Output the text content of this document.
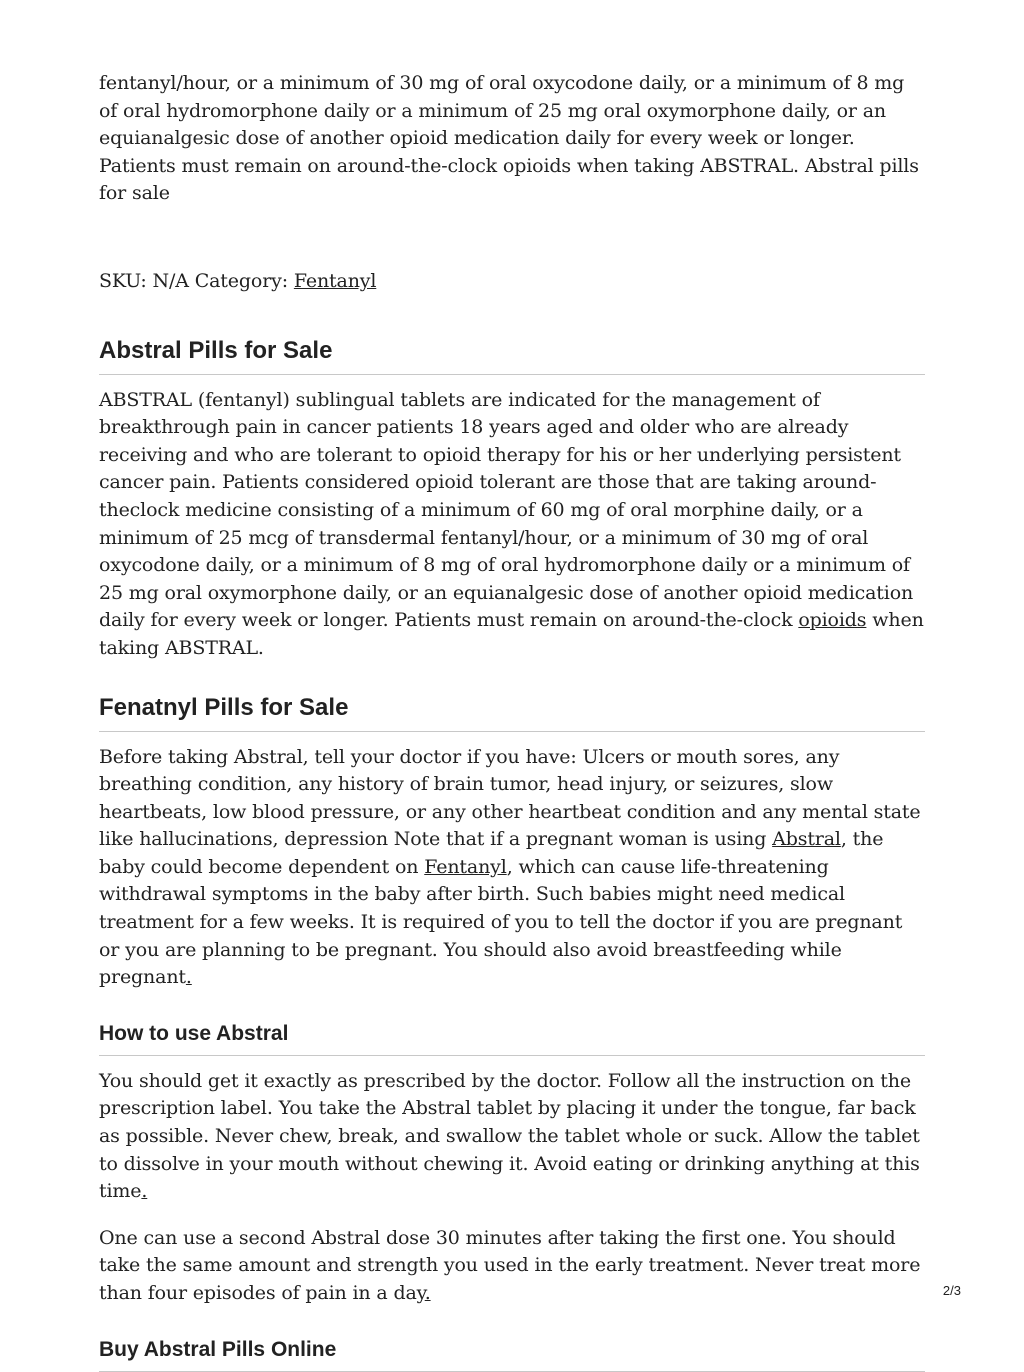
fentanyl/hour, or a minimum of 30 mg of oral oxycodone daily, or a minimum of 8 mg of oral hydromorphone daily or a minimum of 25 mg oral oxymorphone daily, or an equianalgesic dose of another opioid medication daily for every week or longer. Patients must remain on around-the-clock opioids when taking ABSTRAL. Abstral pills for sale

SKU: N/A Category: Fentanyl
Abstral Pills for Sale

ABSTRAL (fentanyl) sublingual tablets are indicated for the management of breakthrough pain in cancer patients 18 years aged and older who are already receiving and who are tolerant to opioid therapy for his or her underlying persistent cancer pain. Patients considered opioid tolerant are those that are taking around-theclock medicine consisting of a minimum of 60 mg of oral morphine daily, or a minimum of 25 mcg of transdermal fentanyl/hour, or a minimum of 30 mg of oral oxycodone daily, or a minimum of 8 mg of oral hydromorphone daily or a minimum of 25 mg oral oxymorphone daily, or an equianalgesic dose of another opioid medication daily for every week or longer. Patients must remain on around-the-clock opioids when taking ABSTRAL.

Fenatnyl Pills for Sale

Before taking Abstral, tell your doctor if you have: Ulcers or mouth sores, any breathing condition, any history of brain tumor, head injury, or seizures, slow heartbeats, low blood pressure, or any other heartbeat condition and any mental state like hallucinations, depression Note that if a pregnant woman is using Abstral, the baby could become dependent on Fentanyl, which can cause life-threatening withdrawal symptoms in the baby after birth. Such babies might need medical treatment for a few weeks. It is required of you to tell the doctor if you are pregnant or you are planning to be pregnant. You should also avoid breastfeeding while pregnant.

How to use Abstral

You should get it exactly as prescribed by the doctor. Follow all the instruction on the prescription label. You take the Abstral tablet by placing it under the tongue, far back as possible. Never chew, break, and swallow the tablet whole or suck. Allow the tablet to dissolve in your mouth without chewing it. Avoid eating or drinking anything at this time.

One can use a second Abstral dose 30 minutes after taking the first one. You should take the same amount and strength you used in the early treatment. Never treat more than four episodes of pain in a day.

Buy Abstral Pills Online
2/3
